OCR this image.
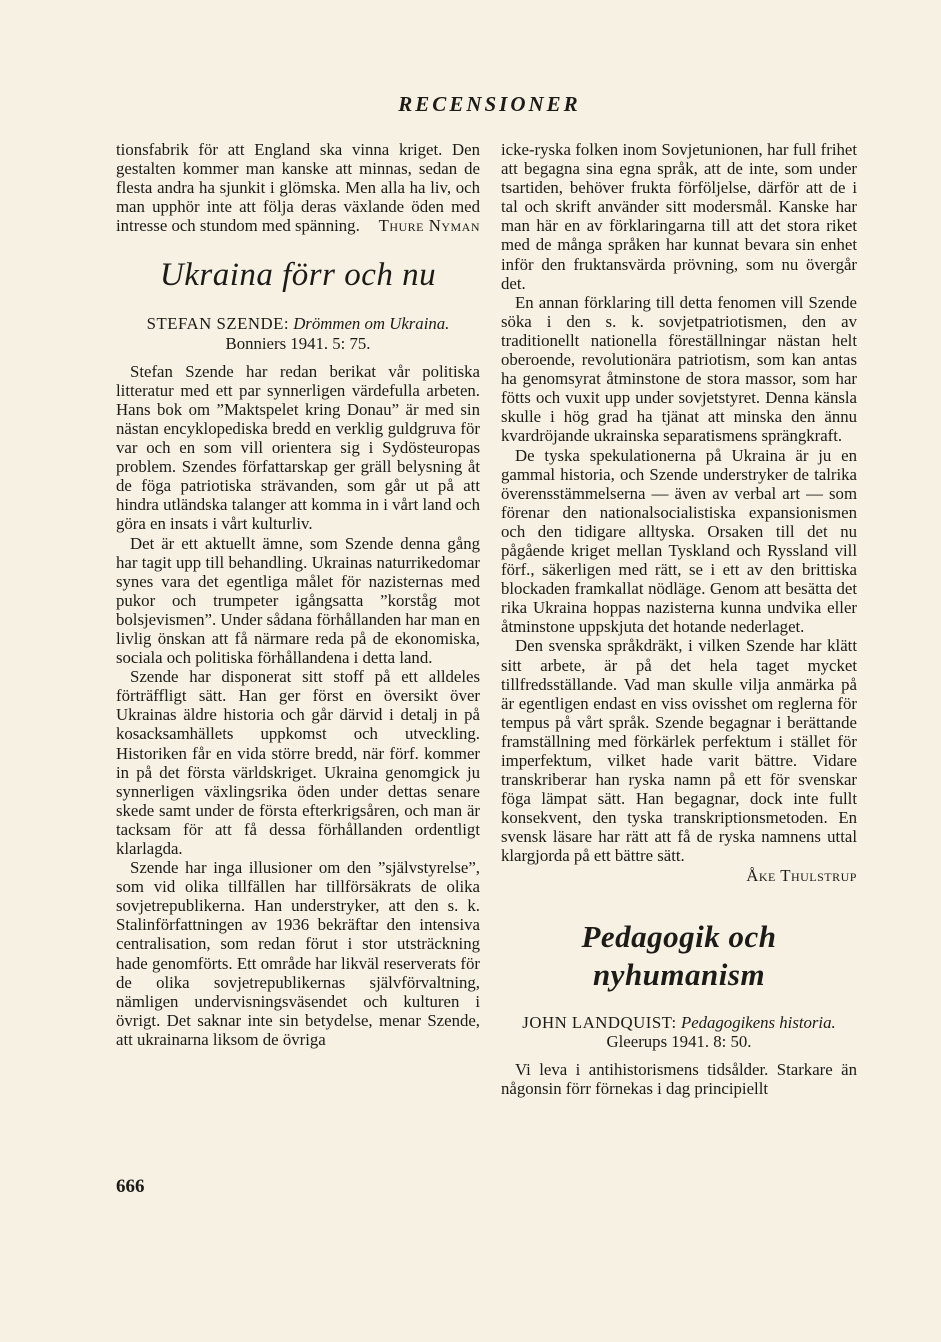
RECENSIONER

tionsfabrik för att England ska vinna kriget. Den gestalten kommer man kanske att minnas, sedan de flesta andra ha sjunkit i glömska. Men alla ha liv, och man upphör inte att följa deras växlande öden med intresse och stundom med spänning. Thure Nyman

Ukraina förr och nu
STEFAN SZENDE: Drömmen om Ukraina.
Bonniers 1941. 5: 75.

Stefan Szende har redan berikat vår politiska litteratur med ett par synnerligen värdefulla arbeten. Hans bok om ”Maktspelet kring Donau” är med sin nästan encyklopediska bredd en verklig guldgruva för var och en som vill orientera sig i Sydösteuropas problem. Szendes författarskap ger gräll belysning åt de föga patriotiska strävanden, som går ut på att hindra utländska talanger att komma in i vårt land och göra en insats i vårt kulturliv.

Det är ett aktuellt ämne, som Szende denna gång har tagit upp till behandling. Ukrainas naturrikedomar synes vara det egentliga målet för nazisternas med pukor och trumpeter igångsatta ”korståg mot bolsjevismen”. Under sådana förhållanden har man en livlig önskan att få närmare reda på de ekonomiska, sociala och politiska förhållandena i detta land.

Szende har disponerat sitt stoff på ett alldeles förträffligt sätt. Han ger först en översikt över Ukrainas äldre historia och går därvid i detalj in på kosacksamhällets uppkomst och utveckling. Historiken får en vida större bredd, när förf. kommer in på det första världskriget. Ukraina genomgick ju synnerligen växlingsrika öden under dettas senare skede samt under de första efterkrigsåren, och man är tacksam för att få dessa förhållanden ordentligt klarlagda.

Szende har inga illusioner om den ”självstyrelse”, som vid olika tillfällen har tillförsäkrats de olika sovjetrepublikerna. Han understryker, att den s. k. Stalinförfattningen av 1936 bekräftar den intensiva centralisation, som redan förut i stor utsträckning hade genomförts. Ett område har likväl reserverats för de olika sovjetrepublikernas självförvaltning, nämligen undervisningsväsendet och kulturen i övrigt. Det saknar inte sin betydelse, menar Szende, att ukrainarna liksom de övriga

icke-ryska folken inom Sovjetunionen, har full frihet att begagna sina egna språk, att de inte, som under tsartiden, behöver frukta förföljelse, därför att de i tal och skrift använder sitt modersmål. Kanske har man här en av förklaringarna till att det stora riket med de många språken har kunnat bevara sin enhet inför den fruktansvärda prövning, som nu övergår det.

En annan förklaring till detta fenomen vill Szende söka i den s. k. sovjetpatriotismen, den av traditionellt nationella föreställningar nästan helt oberoende, revolutionära patriotism, som kan antas ha genomsyrat åtminstone de stora massor, som har fötts och vuxit upp under sovjetstyret. Denna känsla skulle i hög grad ha tjänat att minska den ännu kvardröjande ukrainska separatismens sprängkraft.

De tyska spekulationerna på Ukraina är ju en gammal historia, och Szende understryker de talrika överensstämmelserna — även av verbal art — som förenar den nationalsocialistiska expansionismen och den tidigare alltyska. Orsaken till det nu pågående kriget mellan Tyskland och Ryssland vill förf., säkerligen med rätt, se i ett av den brittiska blockaden framkallat nödläge. Genom att besätta det rika Ukraina hoppas nazisterna kunna undvika eller åtminstone uppskjuta det hotande nederlaget.

Den svenska språkdräkt, i vilken Szende har klätt sitt arbete, är på det hela taget mycket tillfredsställande. Vad man skulle vilja anmärka på är egentligen endast en viss ovisshet om reglerna för tempus på vårt språk. Szende begagnar i berättande framställning med förkärlek perfektum i stället för imperfektum, vilket hade varit bättre. Vidare transkriberar han ryska namn på ett för svenskar föga lämpat sätt. Han begagnar, dock inte fullt konsekvent, den tyska transkriptionsmetoden. En svensk läsare har rätt att få de ryska namnens uttal klargjorda på ett bättre sätt.

Åke Thulstrup

Pedagogik och nyhumanism
JOHN LANDQUIST: Pedagogikens historia.
Gleerups 1941. 8: 50.

Vi leva i antihistorismens tidsålder. Starkare än någonsin förr förnekas i dag principiellt

666
